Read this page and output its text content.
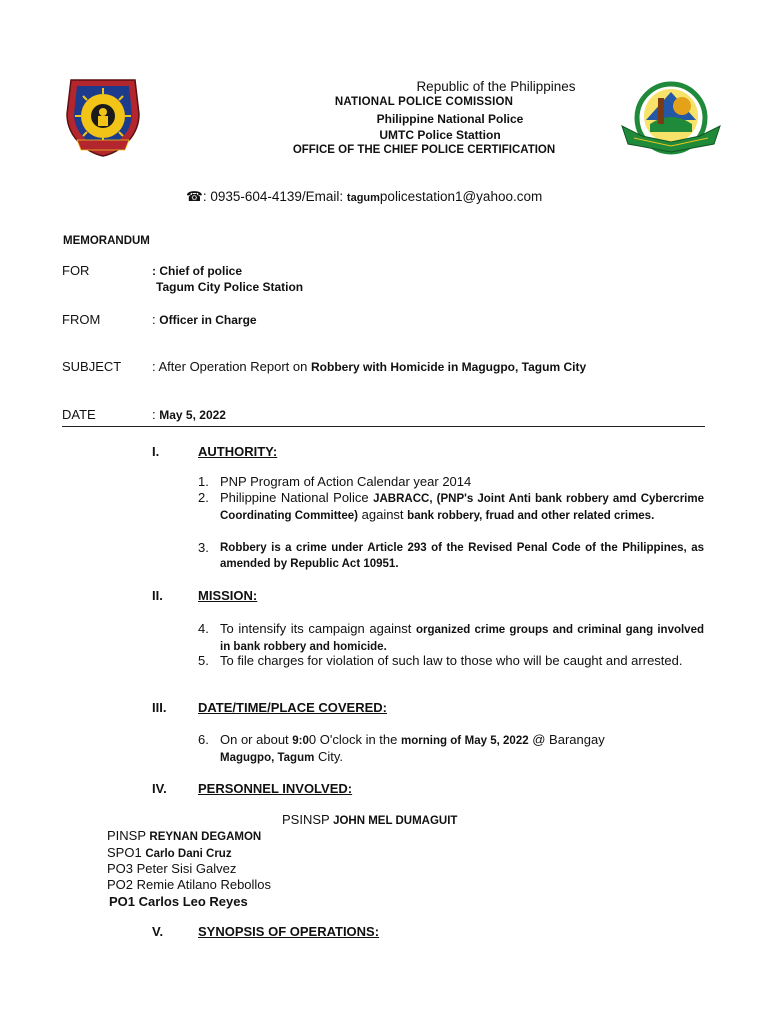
Republic of the Philippines
NATIONAL POLICE COMISSION
Philippine National Police
UMTC Police Stattion
OFFICE OF THE CHIEF POLICE CERTIFICATION
☎: 0935-604-4139/Email: tagumpolicestation1@yahoo.com
MEMORANDUM
FOR	: Chief of police
Tagum City Police Station
FROM	: Officer in Charge
SUBJECT : After Operation Report on Robbery with Homicide in Magugpo, Tagum City
DATE	: May 5, 2022
I.	AUTHORITY:
1. PNP Program of Action Calendar year 2014
2. Philippine National Police JABRACC, (PNP's Joint Anti bank robbery amd Cybercrime Coordinating Committee) against bank robbery, fruad and other related crimes.
3. Robbery is a crime under Article 293 of the Revised Penal Code of the Philippines, as amended by Republic Act 10951.
II.	MISSION:
4. To intensify its campaign against organized crime groups and criminal gang involved in bank robbery and homicide.
5. To file charges for violation of such law to those who will be caught and arrested.
III. DATE/TIME/PLACE COVERED:
6. On or about 9:00 O'clock in the morning of May 5, 2022 @ Barangay
Magugpo, Tagum City.
IV. PERSONNEL INVOLVED:
PSINSP JOHN MEL DUMAGUIT
PINSP REYNAN DEGAMON
SPO1 Carlo Dani Cruz
PO3 Peter Sisi Galvez
PO2 Remie Atilano Rebollos
PO1 Carlos Leo Reyes
V.	SYNOPSIS OF OPERATIONS:
